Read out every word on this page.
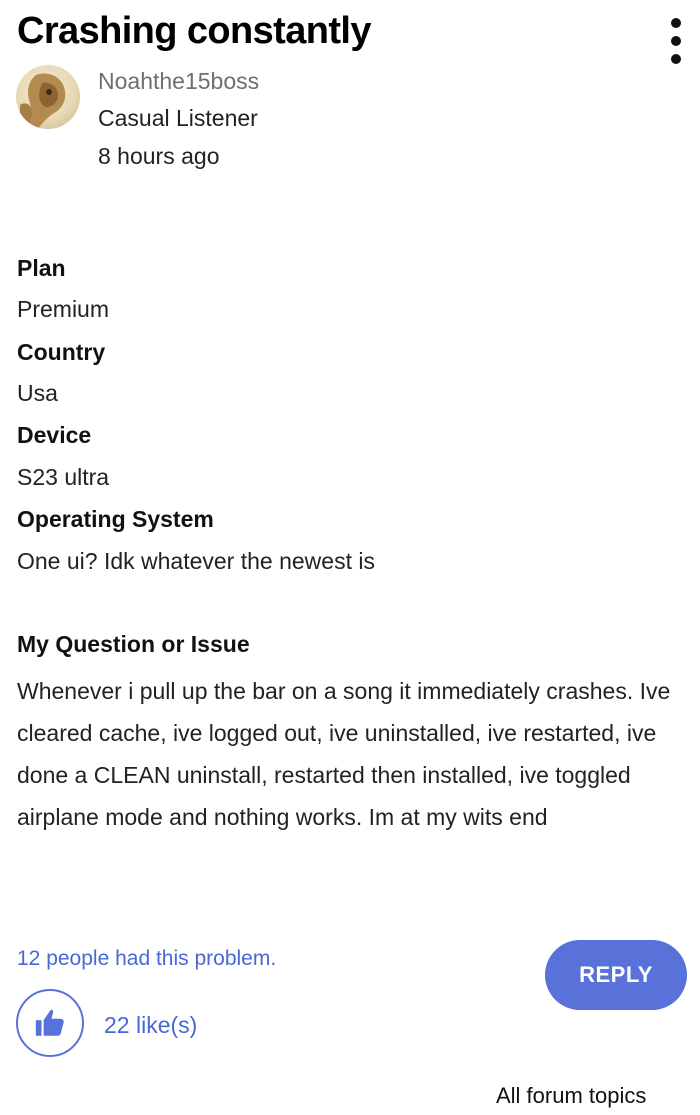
Crashing constantly
Noahthe15boss
Casual Listener
8 hours ago
Plan
Premium
Country
Usa
Device
S23 ultra
Operating System
One ui? Idk whatever the newest is
My Question or Issue
Whenever i pull up the bar on a song it immediately crashes. Ive cleared cache, ive logged out, ive uninstalled, ive restarted, ive done a CLEAN uninstall, restarted then installed, ive toggled airplane mode and nothing works. Im at my wits end
12 people had this problem.
REPLY
22 like(s)
All forum topics
